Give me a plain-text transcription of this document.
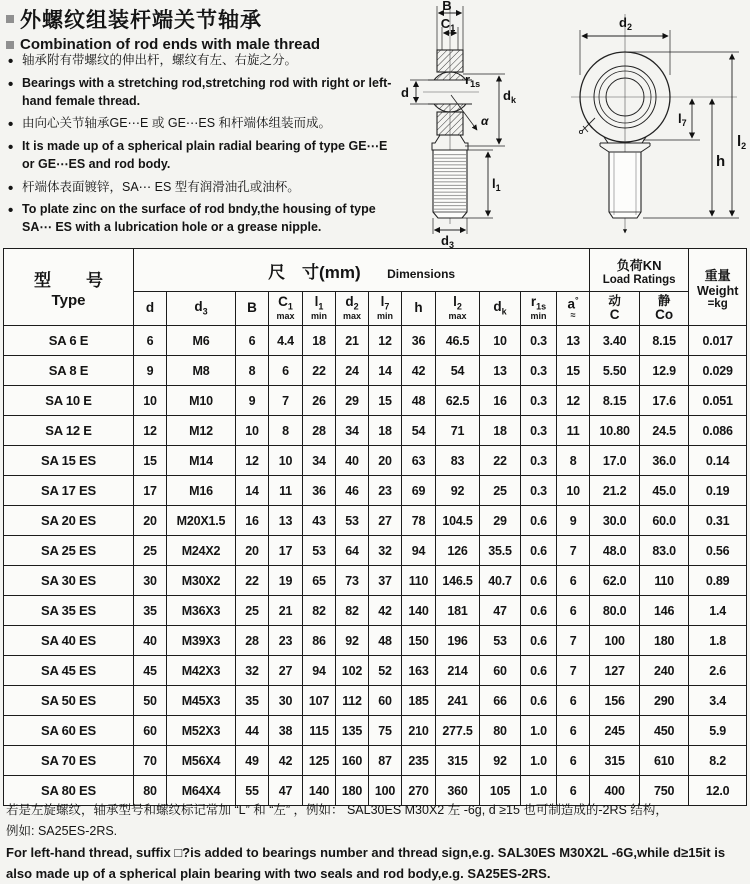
外螺纹组装杆端关节轴承
Combination of rod ends with male thread
• 轴承附有带螺纹的伸出杆，螺纹有左、右旋之分。
• Bearings with a stretching rod,stretching rod with right or left-hand female thread.
• 由向心关节轴承GE⋯E 或 GE⋯ES 和杆端体组装而成。
• It is made up of a spherical plain radial bearing of type GE⋯E or GE⋯ES and rod body.
• 杆端体表面镀锌，SA⋯ ES 型有润滑油孔或油杯。
• To plate zinc on the surface of rod bndy,the housing of type SA⋯ ES with a lubrication hole or a grease nipple.
B
$C_1$
$r_{1s}$
d	$d_k$
α
$l_1$
$d_3$
$d_2$
$l_7$
h
$l_2$
型　号
Type
	尺　寸(mm) Dimensions	
负荷KN
Load Ratings	重量
Weight
=kg

d	$d_3$	B	$C_1$
max

$l_1$
min

$d_2$
max

$l_7$
min

h	$l_2$
max

$d_k$

$r_{1s}$
min

a°
≈

动
C

静
Co

SA 6 E	6	M6	6	4.4	18	21	12	36	46.5	10	0.3	13	3.40	8.15	0.017
SA 8 E	9	M8	8	6	22	24	14	42	54	13	0.3	15	5.50	12.9	0.029
SA 10 E	10	M10	9	7	26	29	15	48	62.5	16	0.3	12	8.15	17.6	0.051
SA 12 E	12	M12	10	8	28	34	18	54	71	18	0.3	11	10.80	24.5	0.086
SA 15 ES	15	M14	12	10	34	40	20	63	83	22	0.3	8	17.0	36.0	0.14
SA 17 ES	17	M16	14	11	36	46	23	69	92	25	0.3	10	21.2	45.0	0.19
SA 20 ES	20	M20X1.5	16	13	43	53	27	78	104.5	29	0.6	9	30.0	60.0	0.31
SA 25 ES	25	M24X2	20	17	53	64	32	94	126	35.5	0.6	7	48.0	83.0	0.56
SA 30 ES	30	M30X2	22	19	65	73	37	110	146.5	40.7	0.6	6	62.0	110	0.89
SA 35 ES	35	M36X3	25	21	82	82	42	140	181	47	0.6	6	80.0	146	1.4
SA 40 ES	40	M39X3	28	23	86	92	48	150	196	53	0.6	7	100	180	1.8
SA 45 ES	45	M42X3	32	27	94	102	52	163	214	60	0.6	7	127	240	2.6
SA 50 ES	50	M45X3	35	30	107	112	60	185	241	66	0.6	6	156	290	3.4
SA 60 ES	60	M52X3	44	38	115	135	75	210	277.5	80	1.0	6	245	450	5.9
SA 70 ES	70	M56X4	49	42	125	160	87	235	315	92	1.0	6	315	610	8.2
SA 80 ES	80	M64X4	55	47	140	180	100	270	360	105	1.0	6	400	750	12.0
若是左旋螺纹，轴承型号和螺纹标记常加 “L” 和 “左” ，例如： SAL30ES M30X2 左 -6g, d ≥15 也可制造成的-2RS 结构，
例如: SA25ES-2RS.
For left-hand thread, suffix □?is added to bearings number and thread sign,e.g. SAL30ES M30X2L -6G,while d≥15it is
also made up of a spherical plain bearing with two seals and rod body,e.g. SA25ES-2RS.
